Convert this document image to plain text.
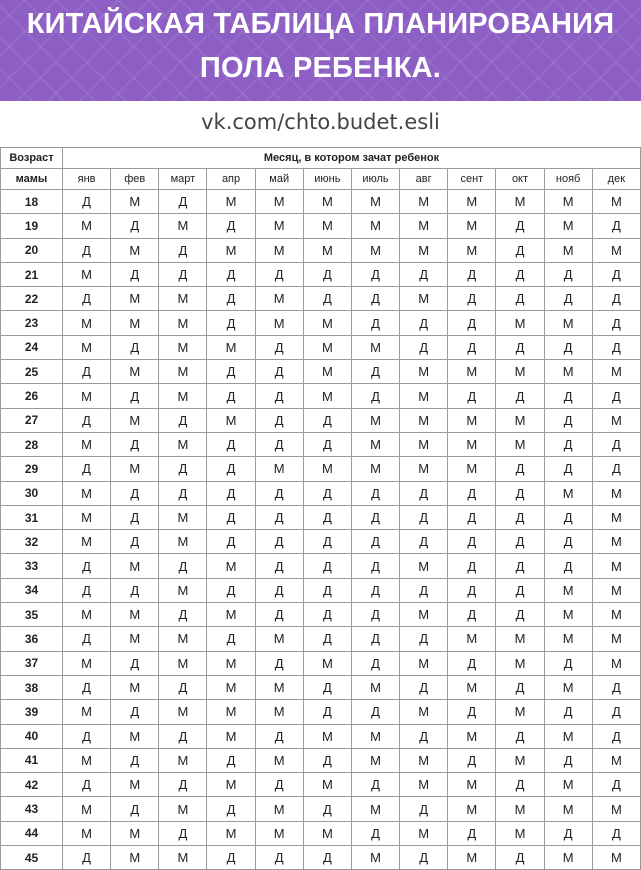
КИТАЙСКАЯ ТАБЛИЦА ПЛАНИРОВАНИЯ
ПОЛА РЕБЕНКА.
vk.com/chto.budet.esli
Возраст	Месяц, в котором зачат ребенок											
мамы	янв	фев	март	апр	май	июнь	июль	авг	сент	окт	нояб	дек
18	Д	М	Д	М	М	М	М	М	М	М	М	М
19	М	Д	М	Д	М	М	М	М	М	Д	М	Д
20	Д	М	Д	М	М	М	М	М	М	Д	М	М
21	М	Д	Д	Д	Д	Д	Д	Д	Д	Д	Д	Д
22	Д	М	М	Д	М	Д	Д	М	Д	Д	Д	Д
23	М	М	М	Д	М	М	Д	Д	Д	М	М	Д
24	М	Д	М	М	Д	М	М	Д	Д	Д	Д	Д
25	Д	М	М	Д	Д	М	Д	М	М	М	М	М
26	М	Д	М	Д	Д	М	Д	М	Д	Д	Д	Д
27	Д	М	Д	М	Д	Д	М	М	М	М	Д	М
28	М	Д	М	Д	Д	Д	М	М	М	М	Д	Д
29	Д	М	Д	Д	М	М	М	М	М	Д	Д	Д
30	М	Д	Д	Д	Д	Д	Д	Д	Д	Д	М	М
31	М	Д	М	Д	Д	Д	Д	Д	Д	Д	Д	М
32	М	Д	М	Д	Д	Д	Д	Д	Д	Д	Д	М
33	Д	М	Д	М	Д	Д	Д	М	Д	Д	Д	М
34	Д	Д	М	Д	Д	Д	Д	Д	Д	Д	М	М
35	М	М	Д	М	Д	Д	Д	М	Д	Д	М	М
36	Д	М	М	Д	М	Д	Д	Д	М	М	М	М
37	М	Д	М	М	Д	М	Д	М	Д	М	Д	М
38	Д	М	Д	М	М	Д	М	Д	М	Д	М	Д
39	М	Д	М	М	М	Д	Д	М	Д	М	Д	Д
40	Д	М	Д	М	Д	М	М	Д	М	Д	М	Д
41	М	Д	М	Д	М	Д	М	М	Д	М	Д	М
42	Д	М	Д	М	Д	М	Д	М	М	Д	М	Д
43	М	Д	М	Д	М	Д	М	Д	М	М	М	М
44	М	М	Д	М	М	М	Д	М	Д	М	Д	Д
45	Д	М	М	Д	Д	Д	М	Д	М	Д	М	М
